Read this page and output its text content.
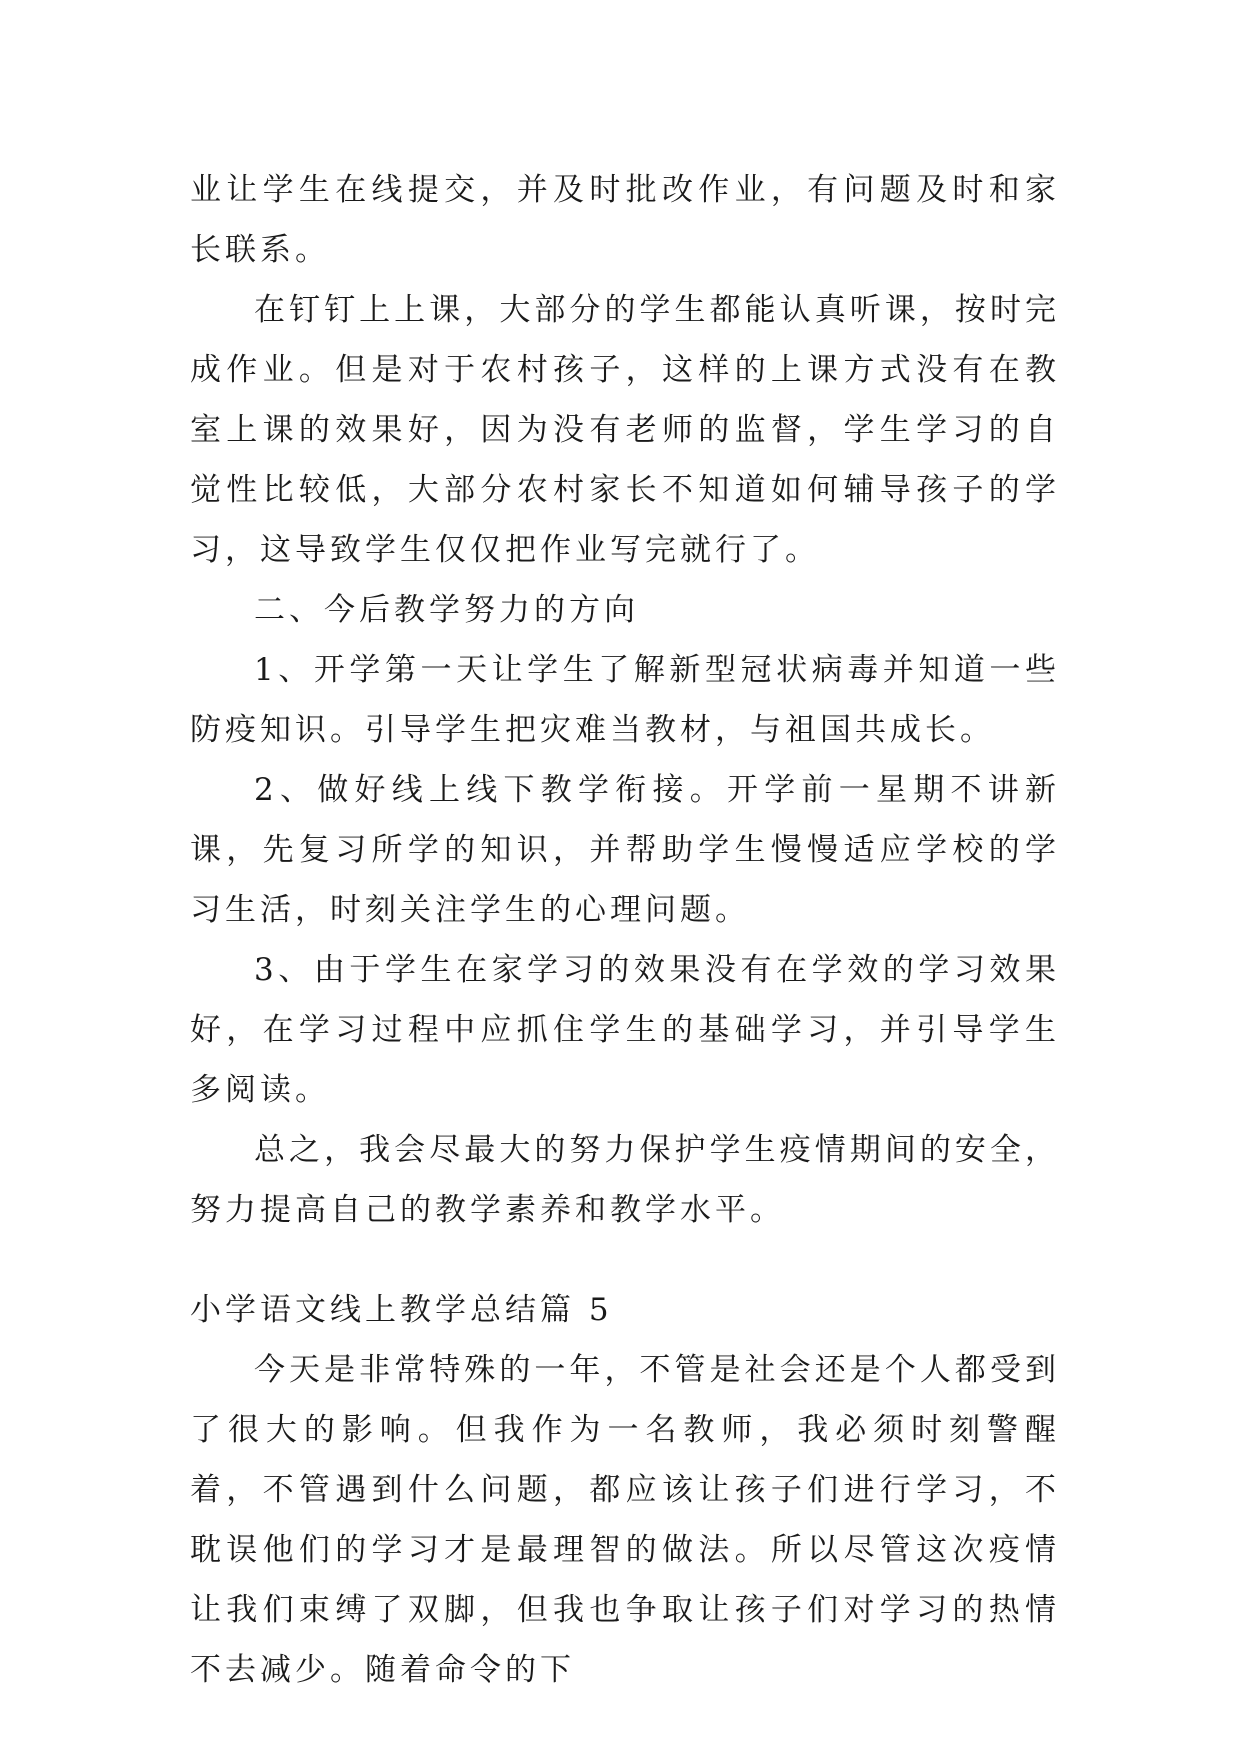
业让学生在线提交，并及时批改作业，有问题及时和家长联系。

在钉钉上上课，大部分的学生都能认真听课，按时完成作业。但是对于农村孩子，这样的上课方式没有在教室上课的效果好，因为没有老师的监督，学生学习的自觉性比较低，大部分农村家长不知道如何辅导孩子的学习，这导致学生仅仅把作业写完就行了。

二、今后教学努力的方向

1、开学第一天让学生了解新型冠状病毒并知道一些防疫知识。引导学生把灾难当教材，与祖国共成长。

2、做好线上线下教学衔接。开学前一星期不讲新课，先复习所学的知识，并帮助学生慢慢适应学校的学习生活，时刻关注学生的心理问题。

3、由于学生在家学习的效果没有在学效的学习效果好，在学习过程中应抓住学生的基础学习，并引导学生多阅读。

总之，我会尽最大的努力保护学生疫情期间的安全，努力提高自己的教学素养和教学水平。

小学语文线上教学总结篇 5

今天是非常特殊的一年，不管是社会还是个人都受到了很大的影响。但我作为一名教师，我必须时刻警醒着，不管遇到什么问题，都应该让孩子们进行学习，不耽误他们的学习才是最理智的做法。所以尽管这次疫情让我们束缚了双脚，但我也争取让孩子们对学习的热情不去减少。随着命令的下
